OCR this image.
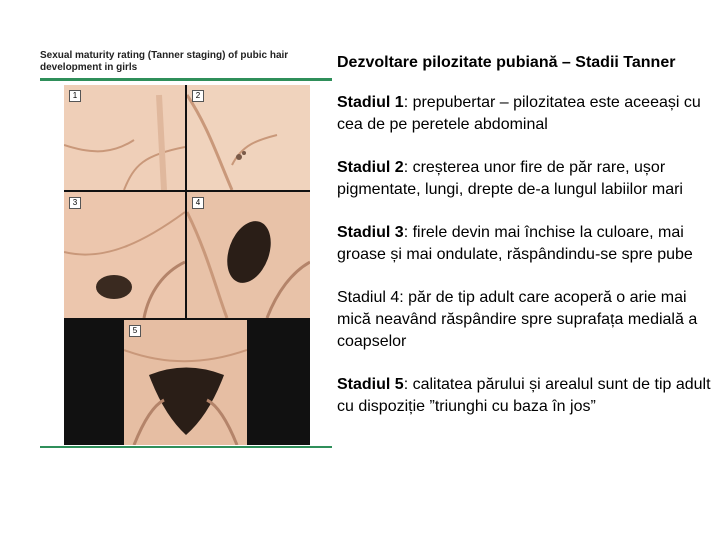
Sexual maturity rating (Tanner staging) of pubic hair development in girls
1	2
3	4
5

Dezvoltare pilozitate pubiană – Stadii Tanner

Stadiul 1: prepubertar – pilozitatea este aceeași cu cea de pe peretele abdominal

Stadiul 2: creșterea unor fire de păr rare, ușor pigmentate, lungi, drepte de-a lungul labiilor mari

Stadiul 3: firele devin mai închise la culoare, mai groase și mai ondulate, răspândindu-se spre pube

Stadiul 4: păr de tip adult care acoperă o arie mai mică neavând răspândire spre suprafața medială a coapselor

Stadiul 5: calitatea părului și arealul sunt de tip adult cu dispoziție ”triunghi cu baza în jos”
